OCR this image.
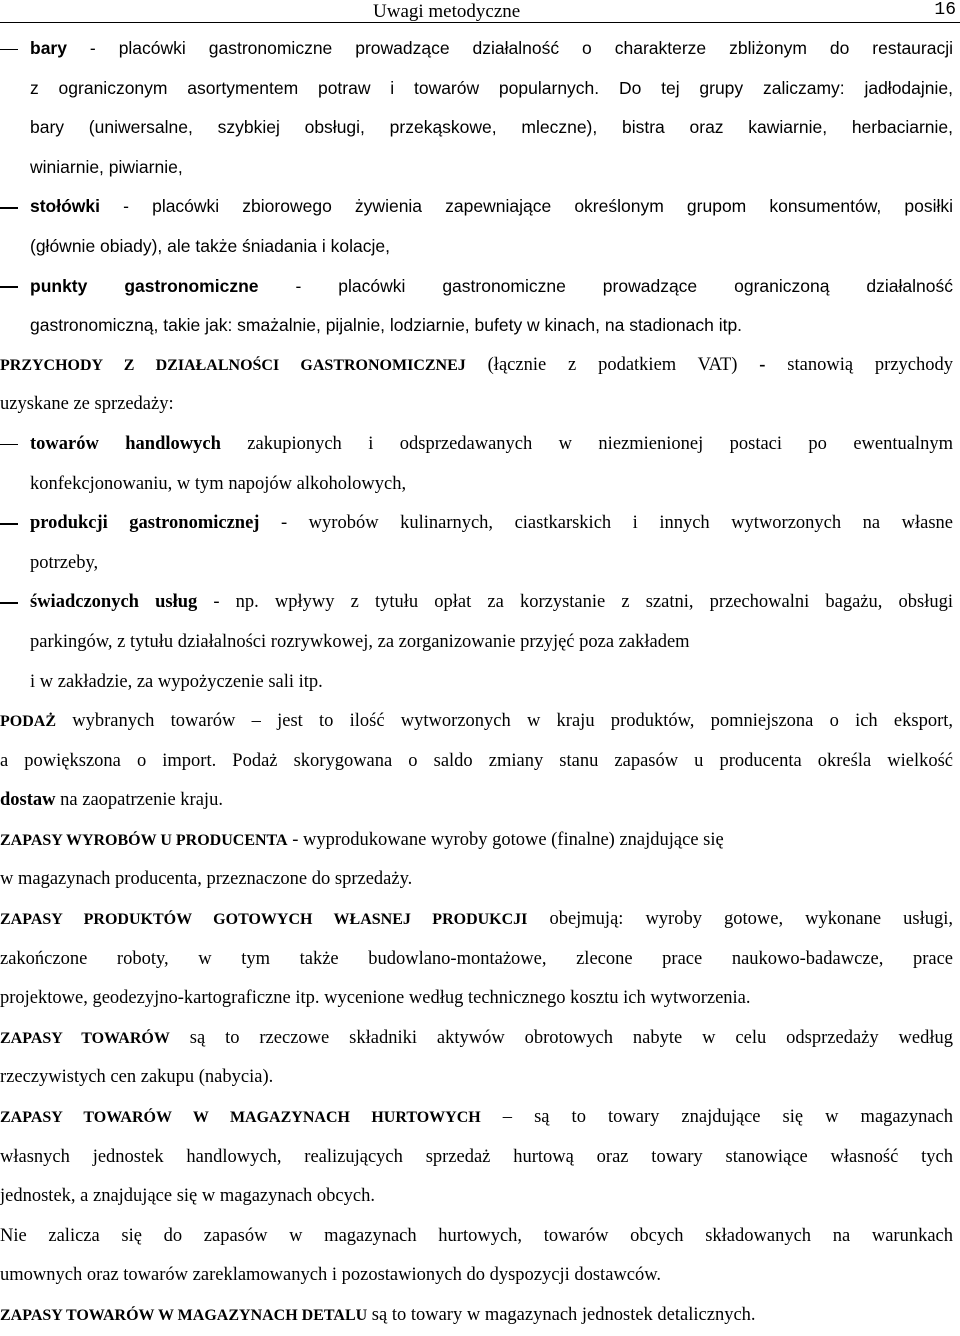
Uwagi metodyczne	16
bary - placówki gastronomiczne prowadzące działalność o charakterze zbliżonym do restauracji
z ograniczonym asortymentem potraw i towarów popularnych. Do tej grupy zaliczamy: jadłodajnie,
bary (uniwersalne, szybkiej obsługi, przekąskowe, mleczne), bistra oraz kawiarnie, herbaciarnie,
winiarnie, piwiarnie,
stołówki - placówki zbiorowego żywienia zapewniające określonym grupom konsumentów, posiłki
(głównie obiady), ale także śniadania i kolacje,
punkty gastronomiczne - placówki gastronomiczne prowadzące ograniczoną działalność
gastronomiczną, takie jak: smażalnie, pijalnie, lodziarnie, bufety w kinach, na stadionach itp.
PRZYCHODY Z DZIAŁALNOŚCI GASTRONOMICZNEJ (łącznie z podatkiem VAT) - stanowią przychody
uzyskane ze sprzedaży:
towarów handlowych zakupionych i odsprzedawanych w niezmienionej postaci po ewentualnym
konfekcjonowaniu, w tym napojów alkoholowych,
produkcji gastronomicznej - wyrobów kulinarnych, ciastkarskich i innych wytworzonych na własne
potrzeby,
świadczonych usług - np. wpływy z tytułu opłat za korzystanie z szatni, przechowalni bagażu, obsługi
parkingów, z tytułu działalności rozrywkowej, za zorganizowanie przyjęć poza zakładem
i w zakładzie, za wypożyczenie sali itp.
PODAŻ wybranych towarów – jest to ilość wytworzonych w kraju produktów, pomniejszona o ich eksport,
a powiększona o import. Podaż skorygowana o saldo zmiany stanu zapasów u producenta określa wielkość
dostaw na zaopatrzenie kraju.
ZAPASY WYROBÓW U PRODUCENTA - wyprodukowane wyroby gotowe (finalne) znajdujące się
w magazynach producenta, przeznaczone do sprzedaży.
ZAPASY PRODUKTÓW GOTOWYCH WŁASNEJ PRODUKCJI obejmują: wyroby gotowe, wykonane usługi,
zakończone roboty, w tym także budowlano-montażowe, zlecone prace naukowo-badawcze, prace
projektowe, geodezyjno-kartograficzne itp. wycenione według technicznego kosztu ich wytworzenia.
ZAPASY TOWARÓW są to rzeczowe składniki aktywów obrotowych nabyte w celu odsprzedaży według
rzeczywistych cen zakupu (nabycia).
ZAPASY TOWARÓW W MAGAZYNACH HURTOWYCH – są to towary znajdujące się w magazynach
własnych jednostek handlowych, realizujących sprzedaż hurtową oraz towary stanowiące własność tych
jednostek, a znajdujące się w magazynach obcych.
Nie zalicza się do zapasów w magazynach hurtowych, towarów obcych składowanych na warunkach
umownych oraz towarów zareklamowanych i pozostawionych do dyspozycji dostawców.
ZAPASY TOWARÓW W MAGAZYNACH DETALU są to towary w magazynach jednostek detalicznych.
